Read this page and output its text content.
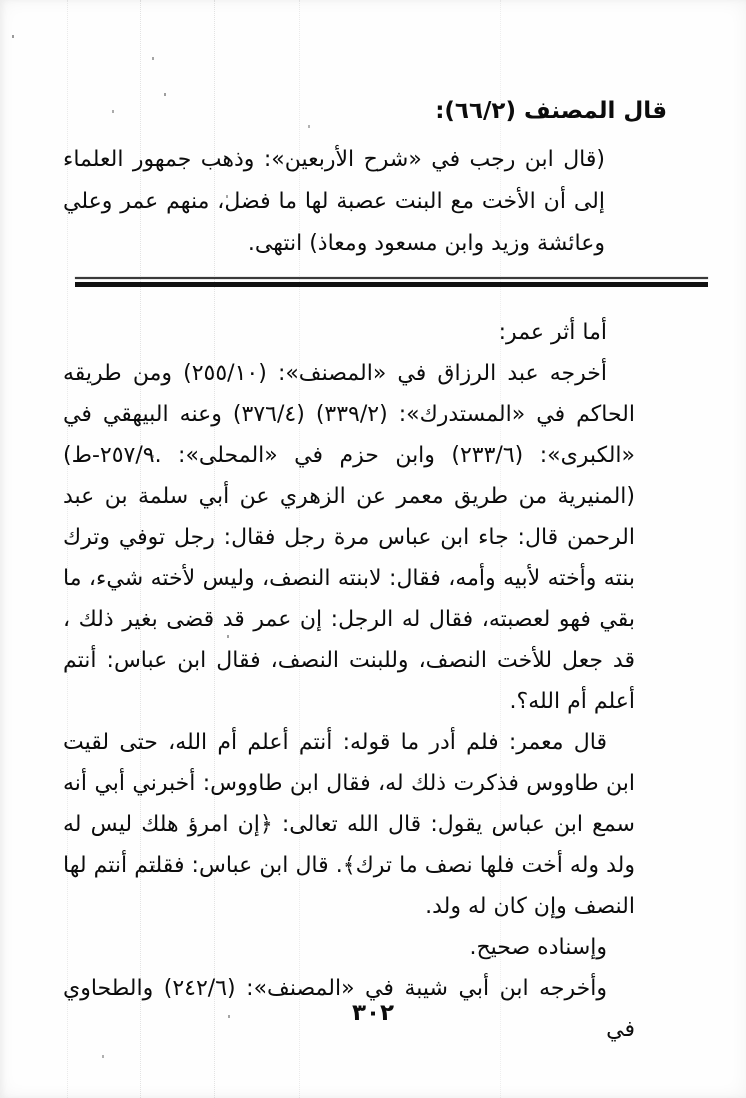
قال المصنف (٦٦/٢):

(قال ابن رجب في «شرح الأربعين»: وذهب جمهور العلماء إلى أن الأخت مع البنت عصبة لها ما فضل، منهم عمر وعلي وعائشة وزيد وابن مسعود ومعاذ) انتهى.

أما أثر عمر:

أخرجه عبد الرزاق في «المصنف»: (٢٥٥/١٠) ومن طريقه الحاكم في «المستدرك»: (٣٣٩/٢) (٣٧٦/٤) وعنه البيهقي في «الكبرى»: (٢٣٣/٦) وابن حزم في «المحلى»: ⁦(٢٥٧/٩-ط.‎ المنيرية)⁩ من طريق معمر عن الزهري عن أبي سلمة بن عبد الرحمن قال: جاء ابن عباس مرة رجل فقال: رجل توفي وترك بنته وأخته لأبيه وأمه، فقال: لابنته النصف، وليس لأخته شيء، ما بقي فهو لعصبته، فقال له الرجل: إن عمر قد قضى بغير ذلك ، قد جعل للأخت النصف، وللبنت النصف، فقال ابن عباس: أنتم أعلم أم الله؟.

قال معمر: فلم أدر ما قوله: أنتم أعلم أم الله، حتى لقيت ابن طاووس فذكرت ذلك له، فقال ابن طاووس: أخبرني أبي أنه سمع ابن عباس يقول: قال الله تعالى: ﴿إن امرؤ هلك ليس له ولد وله أخت فلها نصف ما ترك﴾. قال ابن عباس: فقلتم أنتم لها النصف وإن كان له ولد.

وإسناده صحيح.

وأخرجه ابن أبي شيبة في «المصنف»: (٢٤٢/٦) والطحاوي في

٣٠٢
